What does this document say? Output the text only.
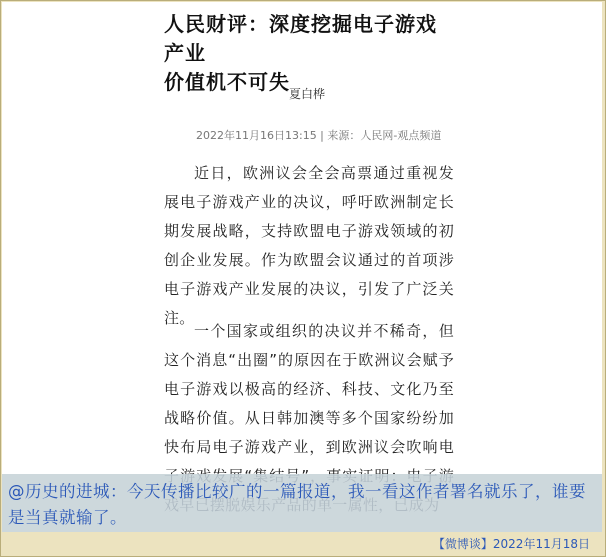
人民财评：深度挖掘电子游戏产业
价值机不可失 夏白桦
2022年11月16日13:15 | 来源：人民网-观点频道

近日，欧洲议会全会高票通过重视发展电子游戏产业的决议，呼吁欧洲制定长期发展战略，支持欧盟电子游戏领域的初创企业发展。作为欧盟会议通过的首项涉电子游戏产业发展的决议，引发了广泛关注。

一个国家或组织的决议并不稀奇，但这个消息“出圈”的原因在于欧洲议会赋予电子游戏以极高的经济、科技、文化乃至战略价值。从日韩加澳等多个国家纷纷加快布局电子游戏产业，到欧洲议会吹响电

@历史的进城：今天传播比较广的一篇报道，我一看这作者署名就乐了，谁要是当真就输了。

【微博谈】2022年11月18日
